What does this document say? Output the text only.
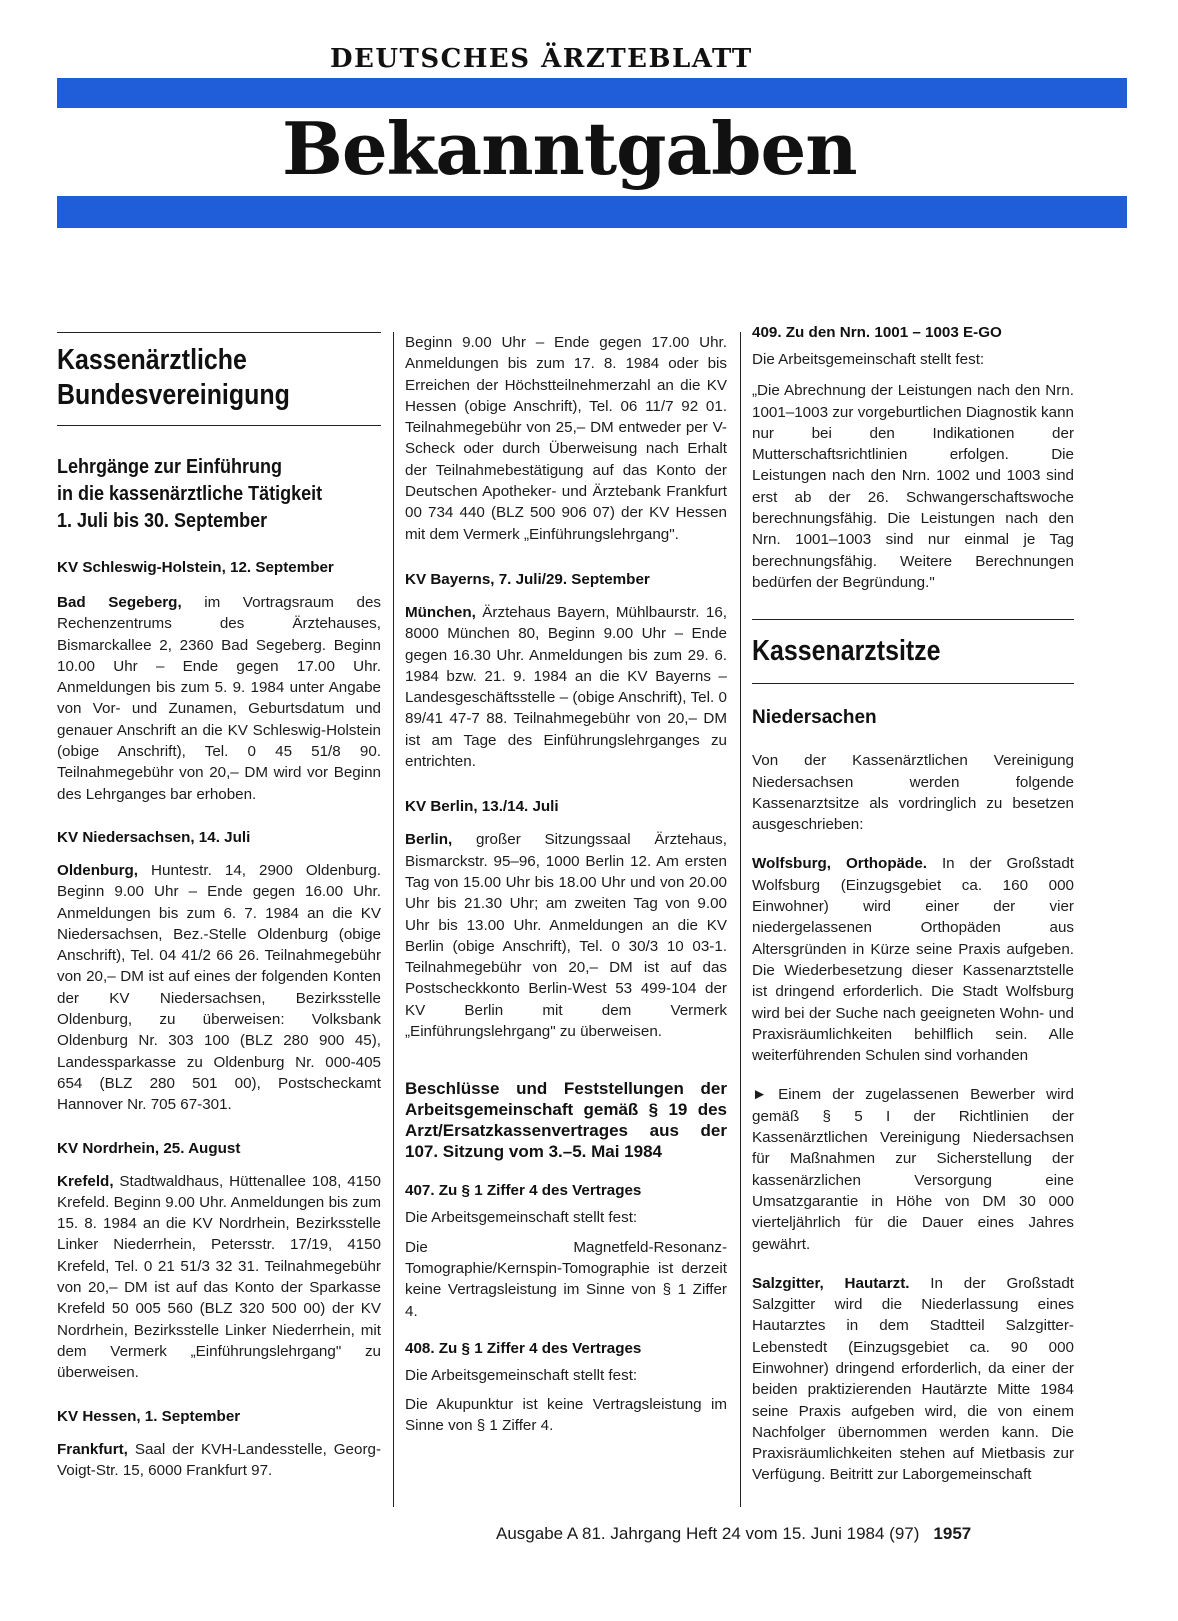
DEUTSCHES ÄRZTEBLATT
Bekanntgaben
Kassenärztliche
Bundesvereinigung
Lehrgänge zur Einführung
in die kassenärztliche Tätigkeit
1. Juli bis 30. September
KV Schleswig-Holstein, 12. September
Bad Segeberg, im Vortragsraum des Rechenzentrums des Ärztehauses, Bismarckallee 2, 2360 Bad Segeberg. Beginn 10.00 Uhr – Ende gegen 17.00 Uhr. Anmeldungen bis zum 5. 9. 1984 unter Angabe von Vor- und Zunamen, Geburtsdatum und genauer Anschrift an die KV Schleswig-Holstein (obige Anschrift), Tel. 0 45 51/8 90. Teilnahmegebühr von 20,– DM wird vor Beginn des Lehrganges bar erhoben.
KV Niedersachsen, 14. Juli
Oldenburg, Huntestr. 14, 2900 Oldenburg. Beginn 9.00 Uhr – Ende gegen 16.00 Uhr. Anmeldungen bis zum 6. 7. 1984 an die KV Niedersachsen, Bez.-Stelle Oldenburg (obige Anschrift), Tel. 04 41/2 66 26. Teilnahmegebühr von 20,– DM ist auf eines der folgenden Konten der KV Niedersachsen, Bezirksstelle Oldenburg, zu überweisen: Volksbank Oldenburg Nr. 303 100 (BLZ 280 900 45), Landessparkasse zu Oldenburg Nr. 000-405 654 (BLZ 280 501 00), Postscheckamt Hannover Nr. 705 67-301.
KV Nordrhein, 25. August
Krefeld, Stadtwaldhaus, Hüttenallee 108, 4150 Krefeld. Beginn 9.00 Uhr. Anmeldungen bis zum 15. 8. 1984 an die KV Nordrhein, Bezirksstelle Linker Niederrhein, Petersstr. 17/19, 4150 Krefeld, Tel. 0 21 51/3 32 31. Teilnahmegebühr von 20,– DM ist auf das Konto der Sparkasse Krefeld 50 005 560 (BLZ 320 500 00) der KV Nordrhein, Bezirksstelle Linker Niederrhein, mit dem Vermerk „Einführungslehrgang" zu überweisen.
KV Hessen, 1. September
Frankfurt, Saal der KVH-Landesstelle, Georg-Voigt-Str. 15, 6000 Frankfurt 97.
Beginn 9.00 Uhr – Ende gegen 17.00 Uhr. Anmeldungen bis zum 17. 8. 1984 oder bis Erreichen der Höchstteilnehmerzahl an die KV Hessen (obige Anschrift), Tel. 06 11/7 92 01. Teilnahmegebühr von 25,– DM entweder per V-Scheck oder durch Überweisung nach Erhalt der Teilnahmebestätigung auf das Konto der Deutschen Apotheker- und Ärztebank Frankfurt 00 734 440 (BLZ 500 906 07) der KV Hessen mit dem Vermerk „Einführungslehrgang".
KV Bayerns, 7. Juli/29. September
München, Ärztehaus Bayern, Mühlbaurstr. 16, 8000 München 80, Beginn 9.00 Uhr – Ende gegen 16.30 Uhr. Anmeldungen bis zum 29. 6. 1984 bzw. 21. 9. 1984 an die KV Bayerns – Landesgeschäftsstelle – (obige Anschrift), Tel. 0 89/41 47-7 88. Teilnahmegebühr von 20,– DM ist am Tage des Einführungslehrganges zu entrichten.
KV Berlin, 13./14. Juli
Berlin, großer Sitzungssaal Ärztehaus, Bismarckstr. 95–96, 1000 Berlin 12. Am ersten Tag von 15.00 Uhr bis 18.00 Uhr und von 20.00 Uhr bis 21.30 Uhr; am zweiten Tag von 9.00 Uhr bis 13.00 Uhr. Anmeldungen an die KV Berlin (obige Anschrift), Tel. 0 30/3 10 03-1. Teilnahmegebühr von 20,– DM ist auf das Postscheckkonto Berlin-West 53 499-104 der KV Berlin mit dem Vermerk „Einführungslehrgang" zu überweisen.
Beschlüsse und Feststellungen der Arbeitsgemeinschaft gemäß § 19 des Arzt/Ersatzkassenvertrages aus der 107. Sitzung vom 3.–5. Mai 1984
407. Zu § 1 Ziffer 4 des Vertrages
Die Arbeitsgemeinschaft stellt fest:
Die Magnetfeld-Resonanz-Tomographie/Kernspin-Tomographie ist derzeit keine Vertragsleistung im Sinne von § 1 Ziffer 4.
408. Zu § 1 Ziffer 4 des Vertrages
Die Arbeitsgemeinschaft stellt fest:
Die Akupunktur ist keine Vertragsleistung im Sinne von § 1 Ziffer 4.
409. Zu den Nrn. 1001 – 1003 E-GO
Die Arbeitsgemeinschaft stellt fest:
„Die Abrechnung der Leistungen nach den Nrn. 1001–1003 zur vorgeburtlichen Diagnostik kann nur bei den Indikationen der Mutterschaftsrichtlinien erfolgen. Die Leistungen nach den Nrn. 1002 und 1003 sind erst ab der 26. Schwangerschaftswoche berechnungsfähig. Die Leistungen nach den Nrn. 1001–1003 sind nur einmal je Tag berechnungsfähig. Weitere Berechnungen bedürfen der Begründung."
Kassenarztsitze
Niedersachen
Von der Kassenärztlichen Vereinigung Niedersachsen werden folgende Kassenarztsitze als vordringlich zu besetzen ausgeschrieben:
Wolfsburg, Orthopäde. In der Großstadt Wolfsburg (Einzugsgebiet ca. 160 000 Einwohner) wird einer der vier niedergelassenen Orthopäden aus Altersgründen in Kürze seine Praxis aufgeben. Die Wiederbesetzung dieser Kassenarztstelle ist dringend erforderlich. Die Stadt Wolfsburg wird bei der Suche nach geeigneten Wohn- und Praxisräumlichkeiten behilflich sein. Alle weiterführenden Schulen sind vorhanden
► Einem der zugelassenen Bewerber wird gemäß § 5 I der Richtlinien der Kassenärztlichen Vereinigung Niedersachsen für Maßnahmen zur Sicherstellung der kassenärzlichen Versorgung eine Umsatzgarantie in Höhe von DM 30 000 vierteljährlich für die Dauer eines Jahres gewährt.
Salzgitter, Hautarzt. In der Großstadt Salzgitter wird die Niederlassung eines Hautarztes in dem Stadtteil Salzgitter-Lebenstedt (Einzugsgebiet ca. 90 000 Einwohner) dringend erforderlich, da einer der beiden praktizierenden Hautärzte Mitte 1984 seine Praxis aufgeben wird, die von einem Nachfolger übernommen werden kann. Die Praxisräumlichkeiten stehen auf Mietbasis zur Verfügung. Beitritt zur Laborgemeinschaft
Ausgabe A 81. Jahrgang Heft 24 vom 15. Juni 1984 (97) 1957
